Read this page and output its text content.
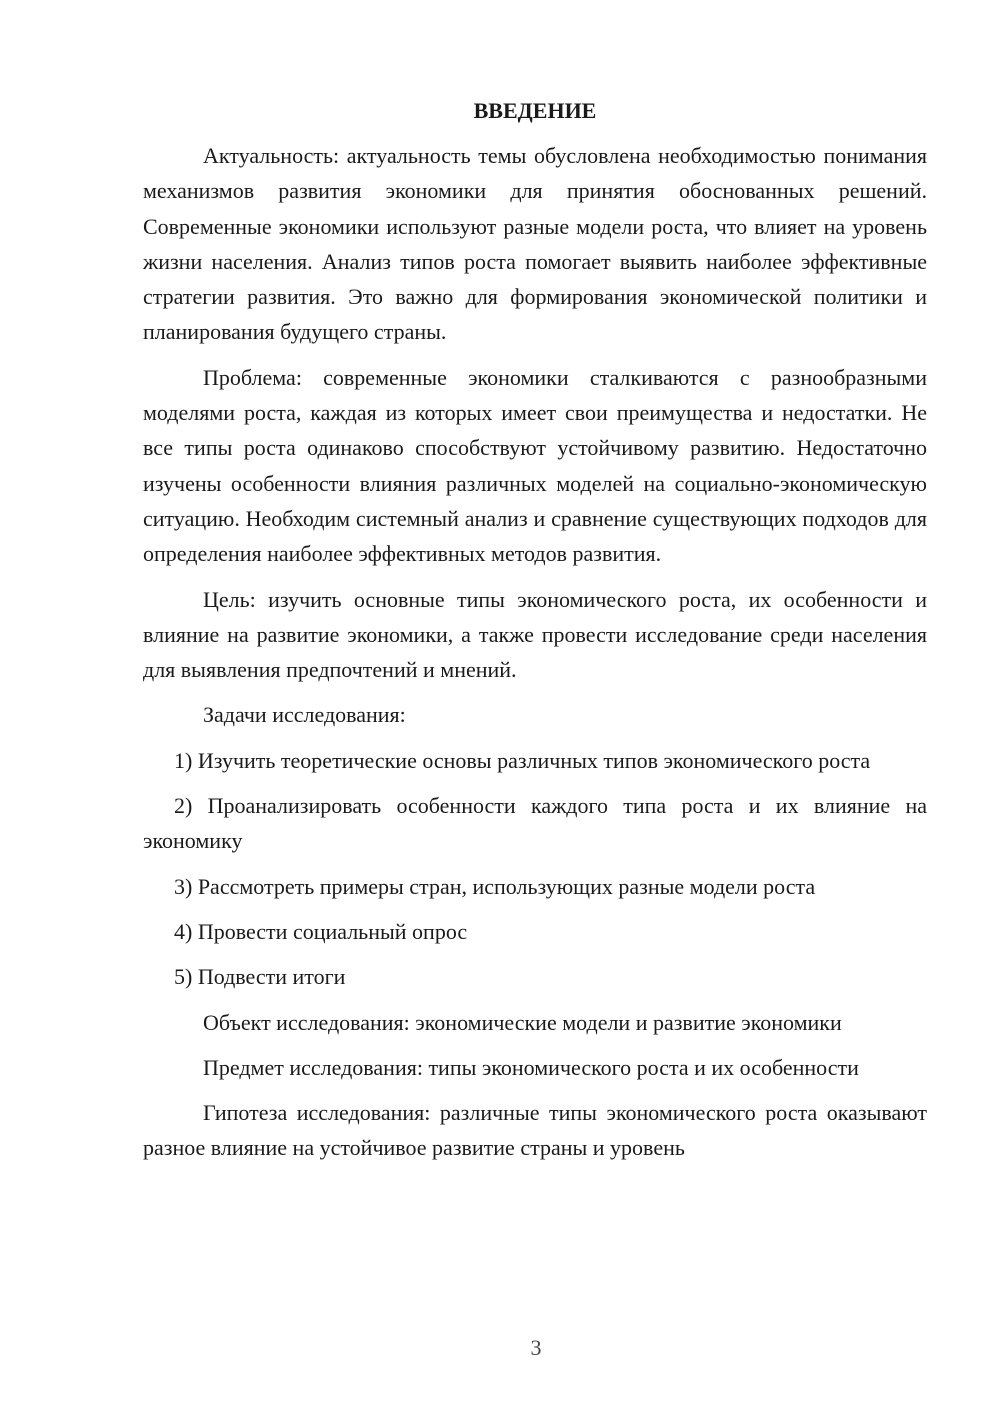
ВВЕДЕНИЕ

Актуальность: актуальность темы обусловлена необходимостью понимания механизмов развития экономики для принятия обоснованных решений. Современные экономики используют разные модели роста, что влияет на уровень жизни населения. Анализ типов роста помогает выявить наиболее эффективные стратегии развития. Это важно для формирования экономической политики и планирования будущего страны.

Проблема: современные экономики сталкиваются с разнообразными моделями роста, каждая из которых имеет свои преимущества и недостатки. Не все типы роста одинаково способствуют устойчивому развитию. Недостаточно изучены особенности влияния различных моделей на социально-экономическую ситуацию. Необходим системный анализ и сравнение существующих подходов для определения наиболее эффективных методов развития.

Цель: изучить основные типы экономического роста, их особенности и влияние на развитие экономики, а также провести исследование среди населения для выявления предпочтений и мнений.

Задачи исследования:

1) Изучить теоретические основы различных типов экономического роста

2) Проанализировать особенности каждого типа роста и их влияние на экономику

3) Рассмотреть примеры стран, использующих разные модели роста

4) Провести социальный опрос

5) Подвести итоги

Объект исследования: экономические модели и развитие экономики

Предмет исследования: типы экономического роста и их особенности

Гипотеза исследования: различные типы экономического роста оказывают разное влияние на устойчивое развитие страны и уровень

3
